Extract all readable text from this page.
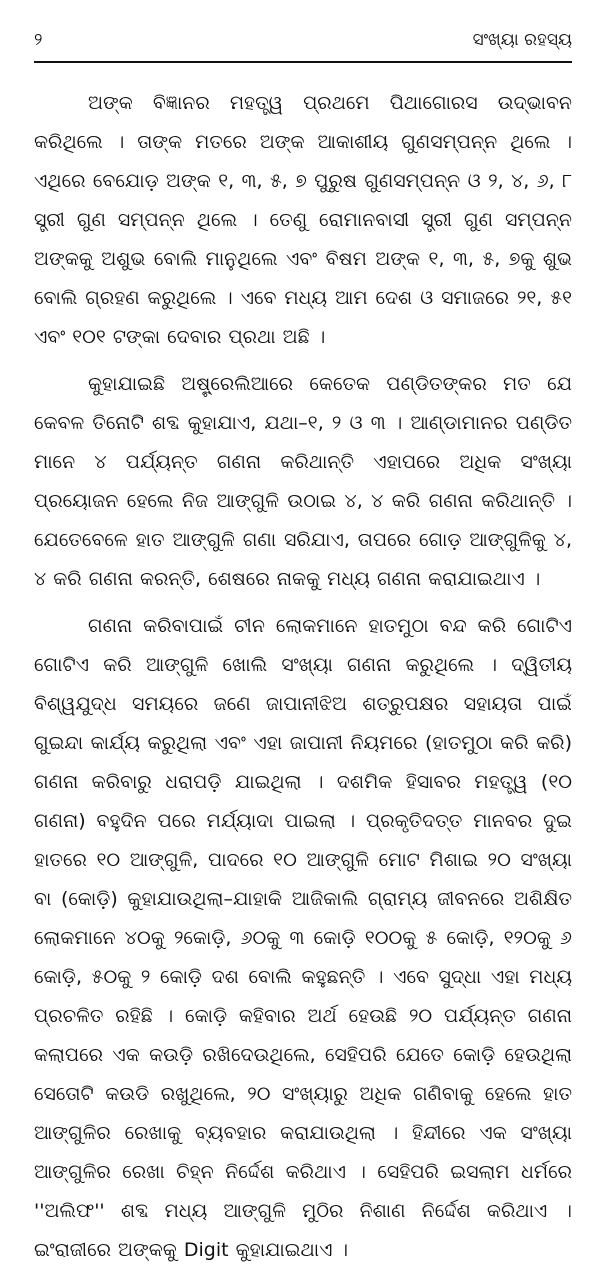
୨	ସଂଖ୍ୟା ରହସ୍ୟ

ଅଙ୍କ ବିଜ୍ଞାନର ମହତ୍ତ୍ୱ ପ୍ରଥମେ ପିଥାଗୋରସ ଉଦ୍ଭାବନ କରିଥିଲେ । ତାଙ୍କ ମତରେ ଅଙ୍କ ଆକାଶୀୟ ଗୁଣସମ୍ପନ୍ନ ଥିଲେ । ଏଥିରେ ବେଯୋଡ଼ ଅଙ୍କ ୧, ୩, ୫, ୭ ପୁରୁଷ ଗୁଣସମ୍ପନ୍ନ ଓ ୨, ୪, ୬, ୮ ସ୍ତ୍ରୀ ଗୁଣ ସମ୍ପନ୍ନ ଥିଲେ । ତେଣୁ ରୋମାନବାସୀ ସ୍ତ୍ରୀ ଗୁଣ ସମ୍ପନ୍ନ ଅଙ୍କକୁ ଅଶୁଭ ବୋଲି ମାନୁଥିଲେ ଏବଂ ବିଷମ ଅଙ୍କ ୧, ୩, ୫, ୭କୁ ଶୁଭ ବୋଲି ଗ୍ରହଣ କରୁଥିଲେ । ଏବେ ମଧ୍ୟ ଆମ ଦେଶ ଓ ସମାଜରେ ୨୧, ୫୧ ଏବଂ ୧୦୧ ଟଙ୍କା ଦେବାର ପ୍ରଥା ଅଛି ।

କୁହାଯାଇଛି ଅଷ୍ଟ୍ରେଲିଆରେ କେତେକ ପଣ୍ଡିତଙ୍କର ମତ ଯେ କେବଳ ତିନୋଟି ଶବ୍ଦ କୁହାଯାଏ, ଯଥା–୧, ୨ ଓ ୩ । ଆଣ୍ଡାମାନର ପଣ୍ଡିତ ମାନେ ୪ ପର୍ଯ୍ୟନ୍ତ ଗଣନା କରିଥାନ୍ତି ଏହାପରେ ଅଧିକ ସଂଖ୍ୟା ପ୍ରୟୋଜନ ହେଲେ ନିଜ ଆଙ୍ଗୁଳି ଉଠାଇ ୪, ୪ କରି ଗଣନା କରିଥାନ୍ତି । ଯେତେବେଳେ ହାତ ଆଙ୍ଗୁଳି ଗଣା ସରିଯାଏ, ତାପରେ ଗୋଡ଼ ଆଙ୍ଗୁଳିକୁ ୪, ୪ କରି ଗଣନା କରନ୍ତି, ଶେଷରେ ନାକକୁ ମଧ୍ୟ ଗଣନା କରାଯାଇଥାଏ ।

ଗଣନା କରିବାପାଇଁ ଚୀନ ଲୋକମାନେ ହାତମୁଠା ବନ୍ଦ କରି ଗୋଟିଏ ଗୋଟିଏ କରି ଆଙ୍ଗୁଳି ଖୋଲି ସଂଖ୍ୟା ଗଣନା କରୁଥିଲେ । ଦ୍ୱିତୀୟ ବିଶ୍ୱଯୁଦ୍ଧ ସମୟରେ ଜଣେ ଜାପାନୀଝିଅ ଶତ୍ରୁପକ୍ଷର ସହାୟତା ପାଇଁ ଗୁଇନ୍ଦା କାର୍ଯ୍ୟ କରୁଥିଲା ଏବଂ ଏହା ଜାପାନୀ ନିୟମରେ (ହାତମୁଠା କରି କରି) ଗଣନା କରିବାରୁ ଧରାପଡ଼ି ଯାଇଥିଲା । ଦଶମିକ ହିସାବର ମହତ୍ତ୍ୱ (୧୦ ଗଣନା) ବହୁଦିନ ପରେ ମର୍ଯ୍ୟାଦା ପାଇଲା । ପ୍ରକୃତିଦତ୍ତ ମାନବର ଦୁଇ ହାତରେ ୧୦ ଆଙ୍ଗୁଳି, ପାଦରେ ୧୦ ଆଙ୍ଗୁଳି ମୋଟ ମିଶାଇ ୨୦ ସଂଖ୍ୟା ବା (କୋଡ଼ି) କୁହାଯାଉଥିଲା–ଯାହାକି ଆଜିକାଲି ଗ୍ରାମ୍ୟ ଜୀବନରେ ଅଶିକ୍ଷିତ ଲୋକମାନେ ୪୦କୁ ୨କୋଡ଼ି, ୬୦କୁ ୩ କୋଡ଼ି ୧୦୦କୁ ୫ କୋଡ଼ି, ୧୨୦କୁ ୬ କୋଡ଼ି, ୫୦କୁ ୨ କୋଡ଼ି ଦଶ ବୋଲି କହୁଛନ୍ତି । ଏବେ ସୁଦ୍ଧା ଏହା ମଧ୍ୟ ପ୍ରଚଳିତ ରହିଛି । କୋଡ଼ି କହିବାର ଅର୍ଥ ହେଉଛି ୨୦ ପର୍ଯ୍ୟନ୍ତ ଗଣନା କଲାପରେ ଏକ କଉଡ଼ି ରଖିଦେଉଥିଲେ, ସେହିପରି ଯେତେ କୋଡ଼ି ହେଉଥିଲା ସେତୋଟି କଉଡି ରଖୁଥିଲେ, ୨୦ ସଂଖ୍ୟାରୁ ଅଧିକ ଗଣିବାକୁ ହେଲେ ହାତ ଆଙ୍ଗୁଳିର ରେଖାକୁ ବ୍ୟବହାର କରାଯାଉଥିଲା । ହିନ୍ଦୀରେ ଏକ ସଂଖ୍ୟା ଆଙ୍ଗୁଳିର ରେଖା ଚିହ୍ନ ନିର୍ଦ୍ଦେଶ କରିଥାଏ । ସେହିପରି ଇସଲାମ ଧର୍ମରେ ''ଅଲିଫ'' ଶବ୍ଦ ମଧ୍ୟ ଆଙ୍ଗୁଳି ମୁଠିର ନିଶାଣ ନିର୍ଦ୍ଦେଶ କରିଥାଏ । ଇଂରାଜୀରେ ଅଙ୍କକୁ Digit କୁହାଯାଇଥାଏ ।
